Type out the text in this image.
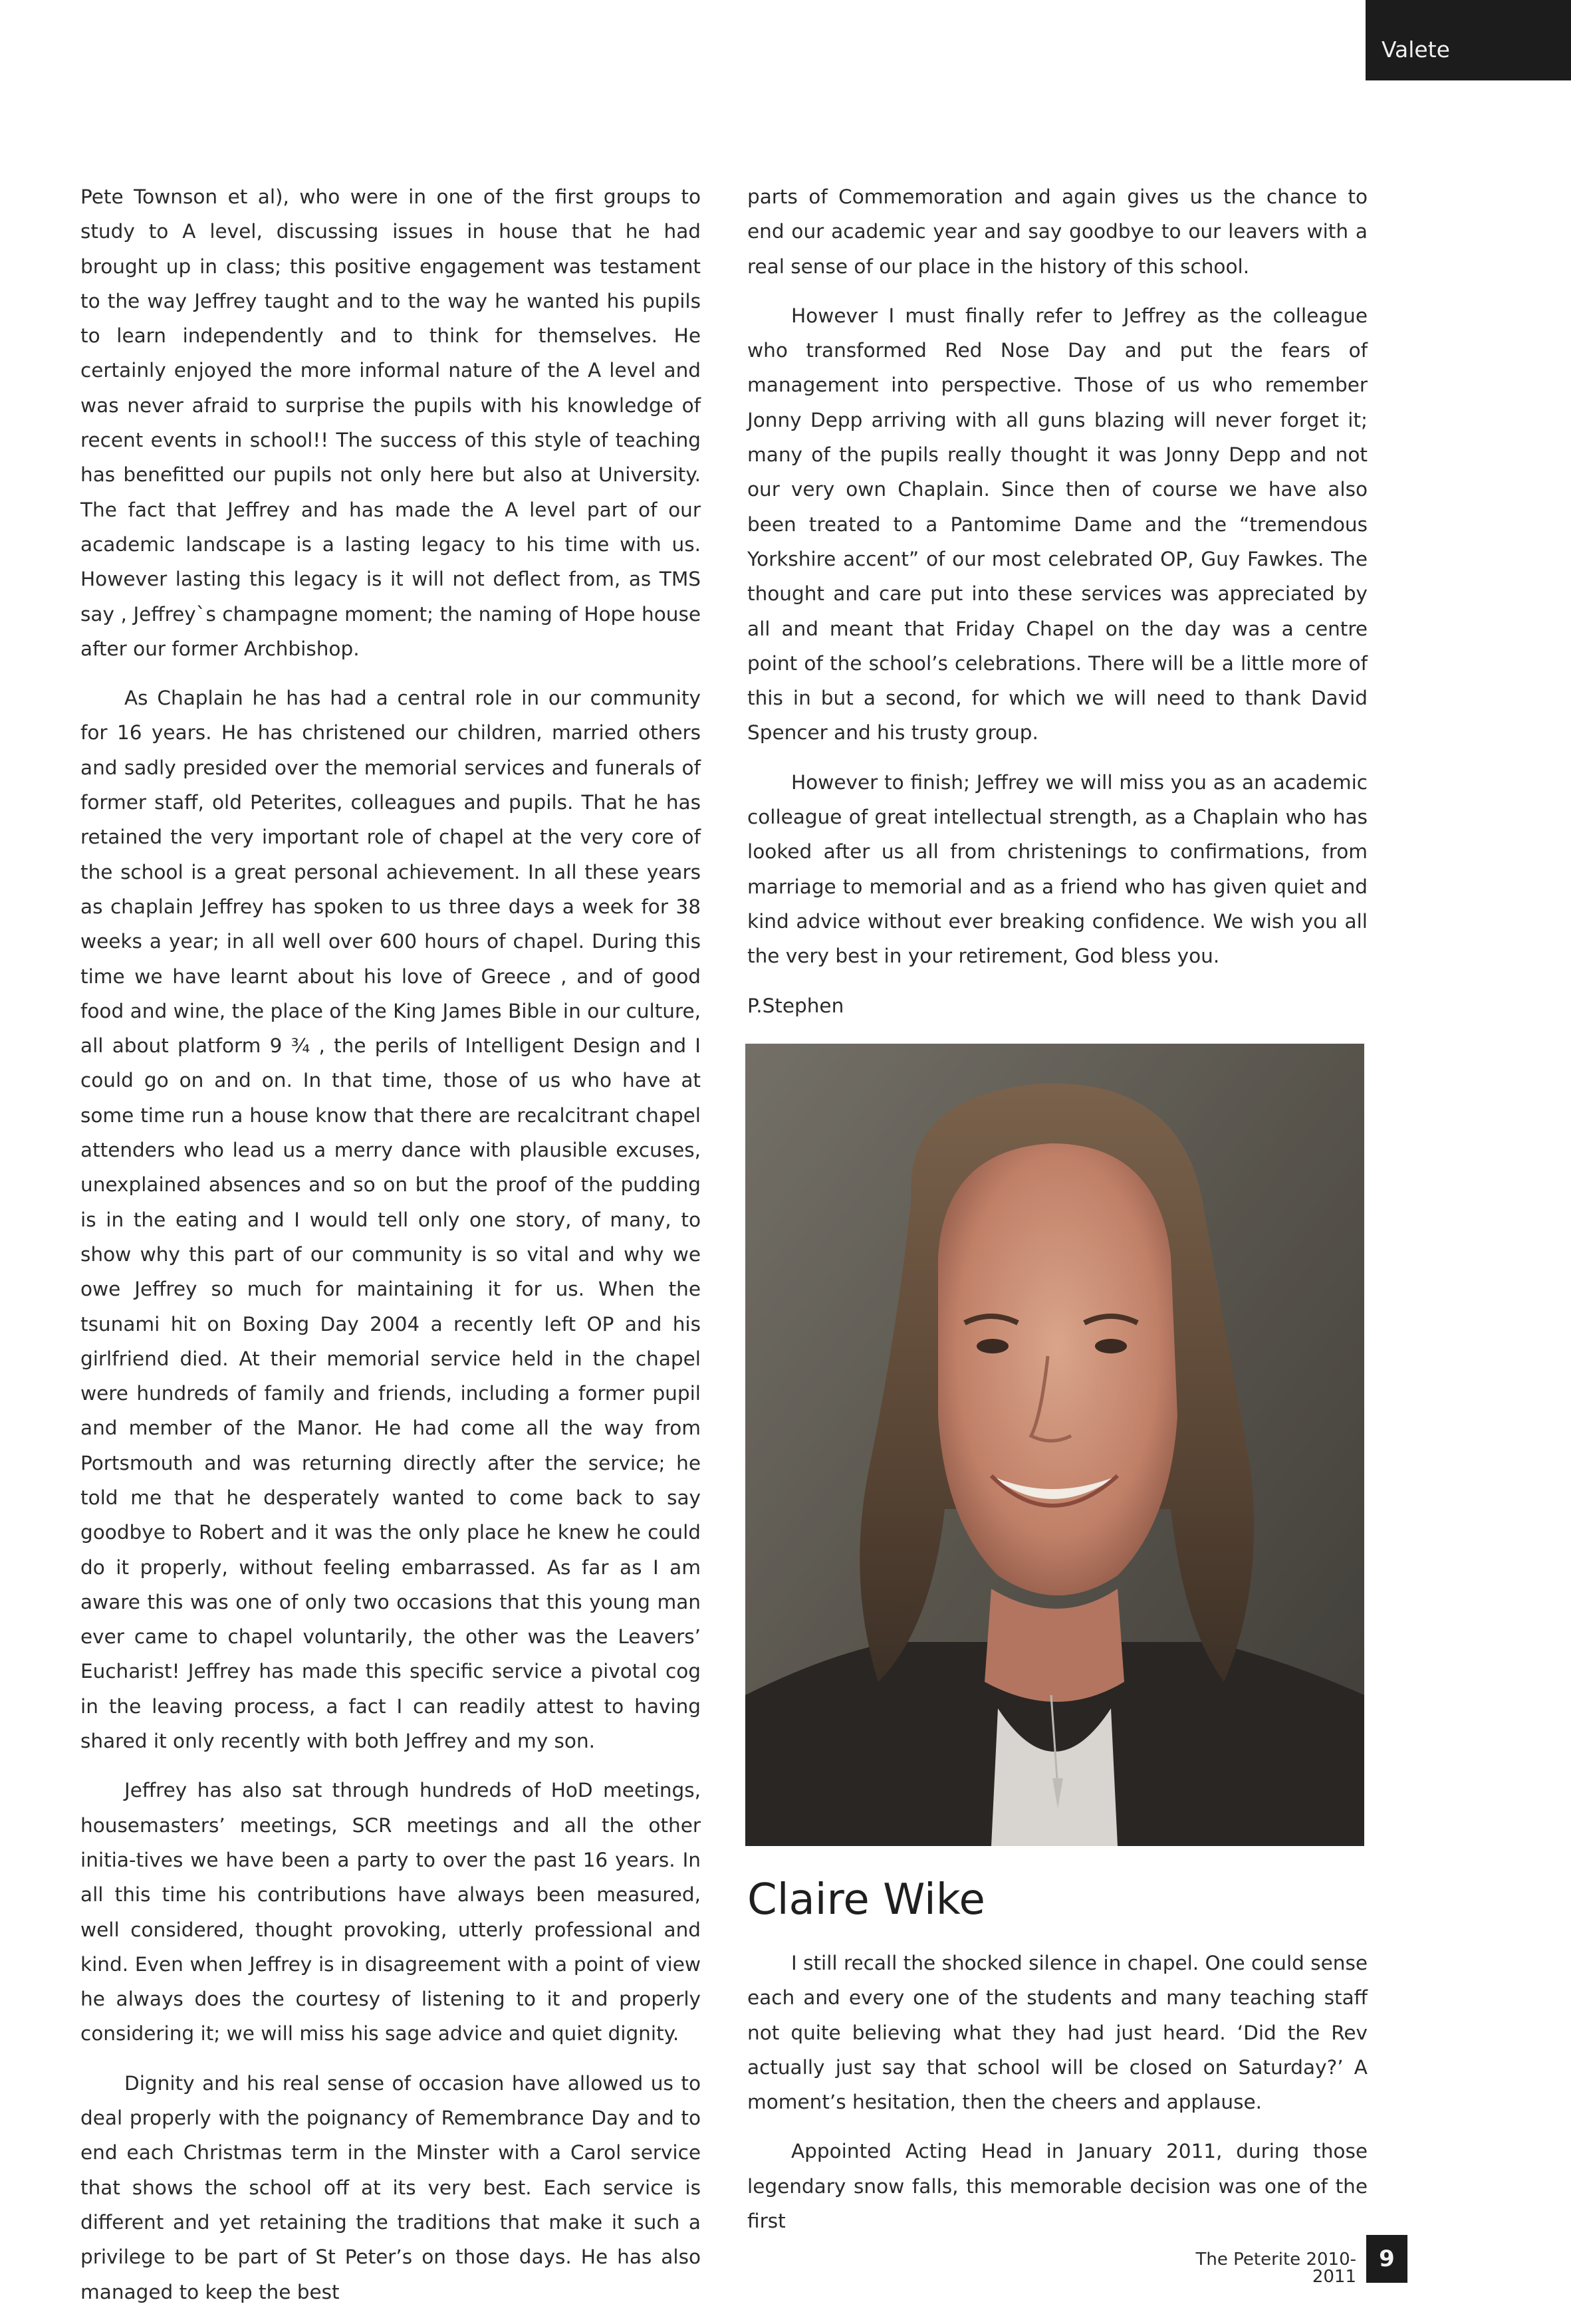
Valete

Pete Townson et al), who were in one of the first groups to study to A level, discussing issues in house that he had brought up in class; this positive engagement was testament to the way Jeffrey taught and to the way he wanted his pupils to learn independently and to think for themselves. He certainly enjoyed the more informal nature of the A level and was never afraid to surprise the pupils with his knowledge of recent events in school!! The success of this style of teaching has benefitted our pupils not only here but also at University. The fact that Jeffrey and has made the A level part of our academic landscape is a lasting legacy to his time with us. However lasting this legacy is it will not deflect from, as TMS say , Jeffrey`s champagne moment; the naming of Hope house after our former Archbishop.

As Chaplain he has had a central role in our community for 16 years. He has christened our children, married others and sadly presided over the memorial services and funerals of former staff, old Peterites, colleagues and pupils. That he has retained the very important role of chapel at the very core of the school is a great personal achievement. In all these years as chaplain Jeffrey has spoken to us three days a week for 38 weeks a year; in all well over 600 hours of chapel. During this time we have learnt about his love of Greece , and of good food and wine, the place of the King James Bible in our culture, all about platform 9 ¾ , the perils of Intelligent Design and I could go on and on. In that time, those of us who have at some time run a house know that there are recalcitrant chapel attenders who lead us a merry dance with plausible excuses, unexplained absences and so on but the proof of the pudding is in the eating and I would tell only one story, of many, to show why this part of our community is so vital and why we owe Jeffrey so much for maintaining it for us. When the tsunami hit on Boxing Day 2004 a recently left OP and his girlfriend died. At their memorial service held in the chapel were hundreds of family and friends, including a former pupil and member of the Manor. He had come all the way from Portsmouth and was returning directly after the service; he told me that he desperately wanted to come back to say goodbye to Robert and it was the only place he knew he could do it properly, without feeling embarrassed. As far as I am aware this was one of only two occasions that this young man ever came to chapel voluntarily, the other was the Leavers’ Eucharist! Jeffrey has made this specific service a pivotal cog in the leaving process, a fact I can readily attest to having shared it only recently with both Jeffrey and my son.

Jeffrey has also sat through hundreds of HoD meetings, housemasters’ meetings, SCR meetings and all the other initia-tives we have been a party to over the past 16 years. In all this time his contributions have always been measured, well considered, thought provoking, utterly professional and kind. Even when Jeffrey is in disagreement with a point of view he always does the courtesy of listening to it and properly considering it; we will miss his sage advice and quiet dignity.

Dignity and his real sense of occasion have allowed us to deal properly with the poignancy of Remembrance Day and to end each Christmas term in the Minster with a Carol service that shows the school off at its very best. Each service is different and yet retaining the traditions that make it such a privilege to be part of St Peter’s on those days. He has also managed to keep the best

parts of Commemoration and again gives us the chance to end our academic year and say goodbye to our leavers with a real sense of our place in the history of this school.

However I must finally refer to Jeffrey as the colleague who transformed Red Nose Day and put the fears of management into perspective. Those of us who remember Jonny Depp arriving with all guns blazing will never forget it; many of the pupils really thought it was Jonny Depp and not our very own Chaplain. Since then of course we have also been treated to a Pantomime Dame and the “tremendous Yorkshire accent” of our most celebrated OP, Guy Fawkes. The thought and care put into these services was appreciated by all and meant that Friday Chapel on the day was a centre point of the school’s celebrations. There will be a little more of this in but a second, for which we will need to thank David Spencer and his trusty group.

However to finish; Jeffrey we will miss you as an academic colleague of great intellectual strength, as a Chaplain who has looked after us all from christenings to confirmations, from marriage to memorial and as a friend who has given quiet and kind advice without ever breaking confidence. We wish you all the very best in your retirement, God bless you.

P.Stephen

Claire Wike

I still recall the shocked silence in chapel. One could sense each and every one of the students and many teaching staff not quite believing what they had just heard. ‘Did the Rev actually just say that school will be closed on Saturday?’ A moment’s hesitation, then the cheers and applause.

Appointed Acting Head in January 2011, during those legendary snow falls, this memorable decision was one of the first

The Peterite 2010-2011
9
